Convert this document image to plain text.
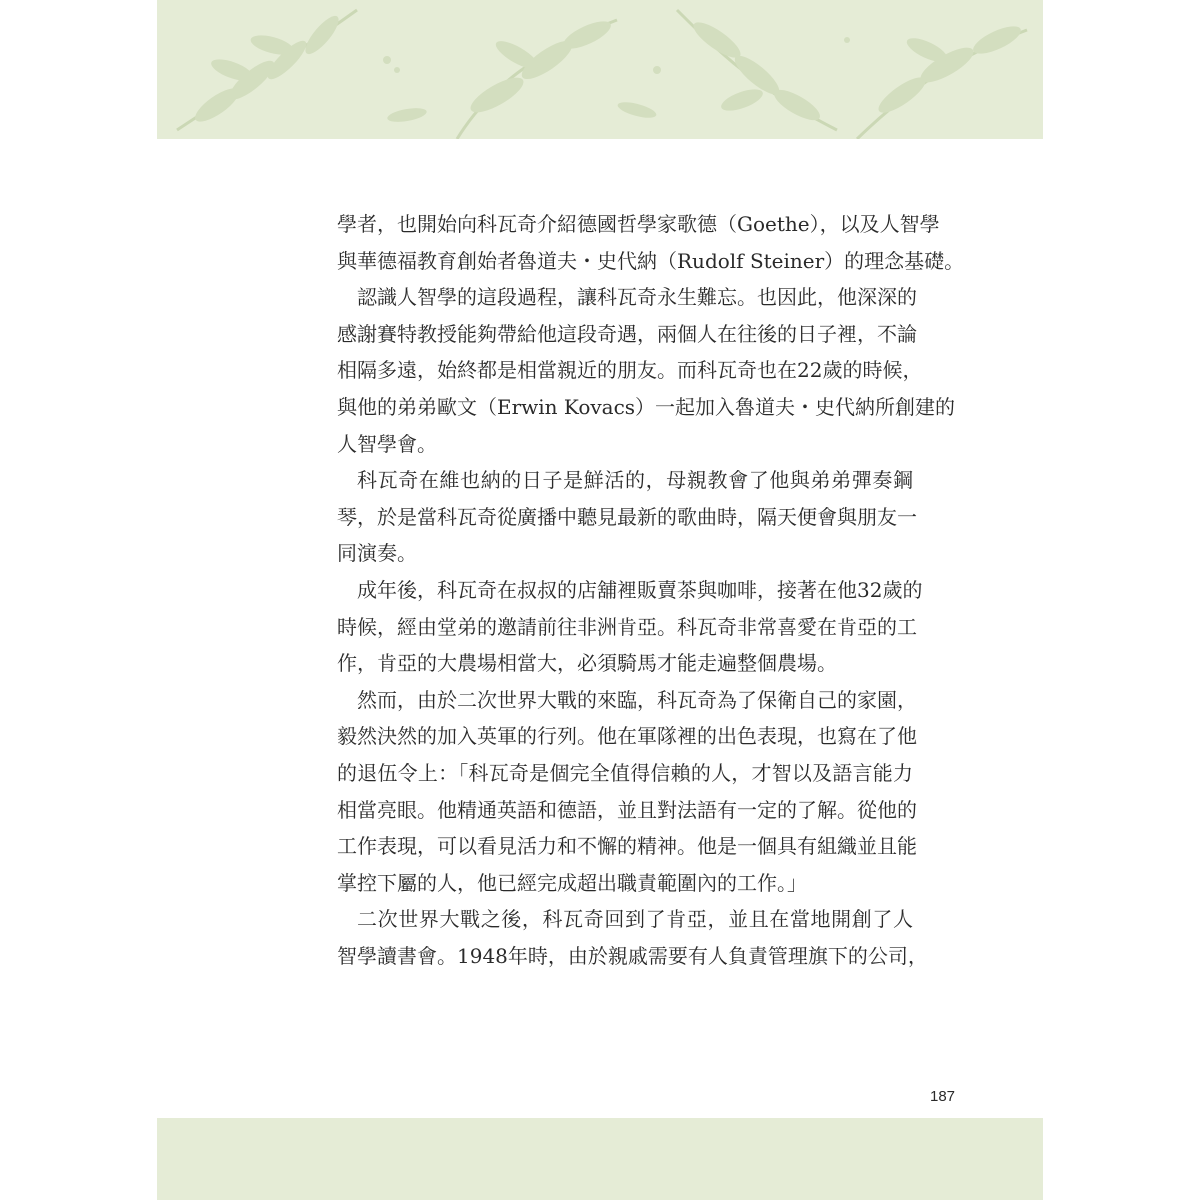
學者，也開始向科瓦奇介紹德國哲學家歌德（Goethe），以及人智學
與華德福教育創始者魯道夫・史代納（Rudolf Steiner）的理念基礎。
認識人智學的這段過程，讓科瓦奇永生難忘。也因此，他深深的
感謝賽特教授能夠帶給他這段奇遇，兩個人在往後的日子裡，不論
相隔多遠，始終都是相當親近的朋友。而科瓦奇也在22歲的時候，
與他的弟弟歐文（Erwin Kovacs）一起加入魯道夫・史代納所創建的
人智學會。
科瓦奇在維也納的日子是鮮活的，母親教會了他與弟弟彈奏鋼
琴，於是當科瓦奇從廣播中聽見最新的歌曲時，隔天便會與朋友一
同演奏。
成年後，科瓦奇在叔叔的店舖裡販賣茶與咖啡，接著在他32歲的
時候，經由堂弟的邀請前往非洲肯亞。科瓦奇非常喜愛在肯亞的工
作，肯亞的大農場相當大，必須騎馬才能走遍整個農場。
然而，由於二次世界大戰的來臨，科瓦奇為了保衛自己的家園，
毅然決然的加入英軍的行列。他在軍隊裡的出色表現，也寫在了他
的退伍令上：「科瓦奇是個完全值得信賴的人，才智以及語言能力
相當亮眼。他精通英語和德語，並且對法語有一定的了解。從他的
工作表現，可以看見活力和不懈的精神。他是一個具有組織並且能
掌控下屬的人，他已經完成超出職責範圍內的工作。」
二次世界大戰之後，科瓦奇回到了肯亞，並且在當地開創了人
智學讀書會。1948年時，由於親戚需要有人負責管理旗下的公司，
187
